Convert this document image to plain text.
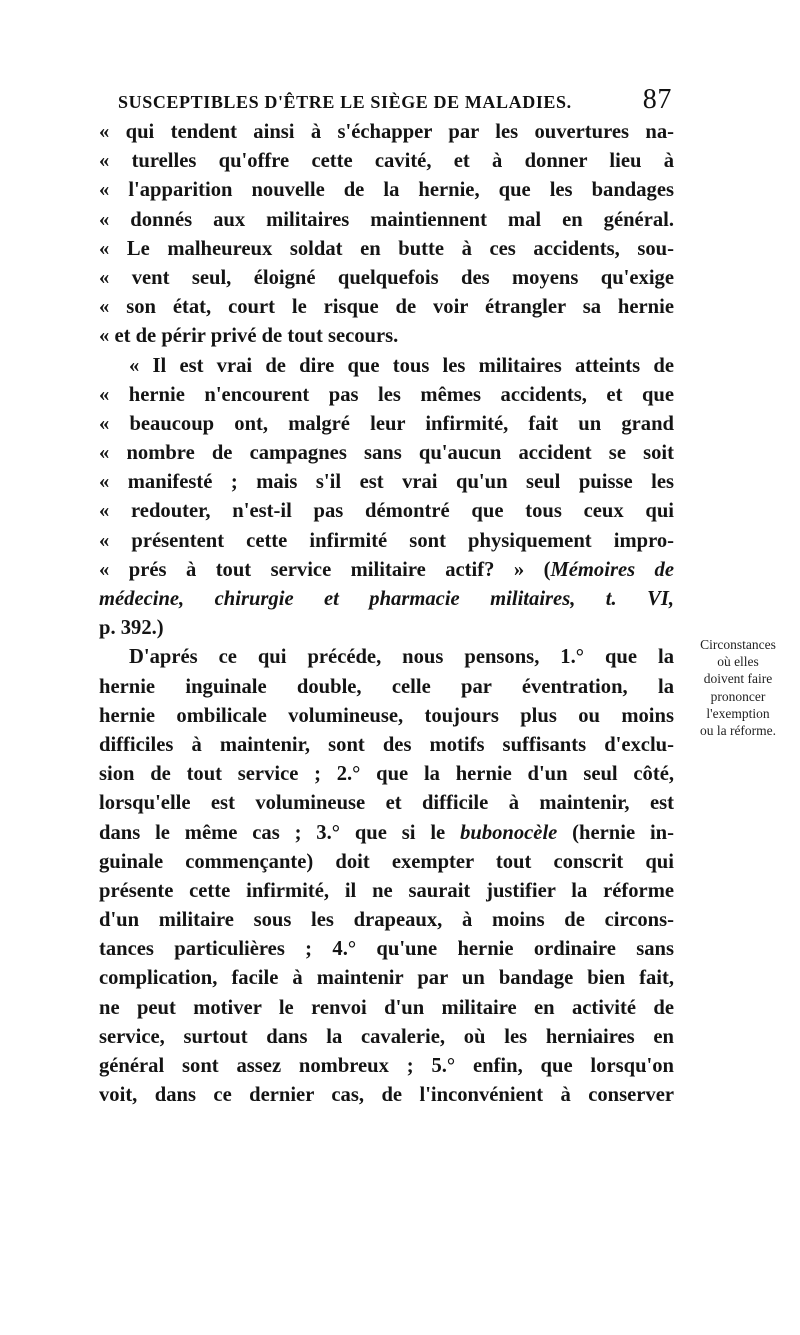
SUSCEPTIBLES D'ÊTRE LE SIÈGE DE MALADIES.	87
« qui tendent ainsi à s'échapper par les ouvertures na-
« turelles qu'offre cette cavité, et à donner lieu à
« l'apparition nouvelle de la hernie, que les bandages
« donnés aux militaires maintiennent mal en général.
« Le malheureux soldat en butte à ces accidents, sou-
« vent seul, éloigné quelquefois des moyens qu'exige
« son état, court le risque de voir étrangler sa hernie
« et de périr privé de tout secours.
« Il est vrai de dire que tous les militaires atteints de
« hernie n'encourent pas les mêmes accidents, et que
« beaucoup ont, malgré leur infirmité, fait un grand
« nombre de campagnes sans qu'aucun accident se soit
« manifesté ; mais s'il est vrai qu'un seul puisse les
« redouter, n'est-il pas démontré que tous ceux qui
« présentent cette infirmité sont physiquement impro-
« prés à tout service militaire actif? » (Mémoires de
médecine, chirurgie et pharmacie militaires, t. VI,
p. 392.)
D'aprés ce qui précéde, nous pensons, 1.° que la
hernie inguinale double, celle par éventration, la
hernie ombilicale volumineuse, toujours plus ou moins
difficiles à maintenir, sont des motifs suffisants d'exclu-
sion de tout service ; 2.° que la hernie d'un seul côté,
lorsqu'elle est volumineuse et difficile à maintenir, est
dans le même cas ; 3.° que si le bubonocèle (hernie in-
guinale commençante) doit exempter tout conscrit qui
présente cette infirmité, il ne saurait justifier la réforme
d'un militaire sous les drapeaux, à moins de circons-
tances particulières ; 4.° qu'une hernie ordinaire sans
complication, facile à maintenir par un bandage bien fait,
ne peut motiver le renvoi d'un militaire en activité de
service, surtout dans la cavalerie, où les herniaires en
général sont assez nombreux ; 5.° enfin, que lorsqu'on
voit, dans ce dernier cas, de l'inconvénient à conserver
Circonstances
où elles
doivent faire
prononcer
l'exemption
ou la réforme.
